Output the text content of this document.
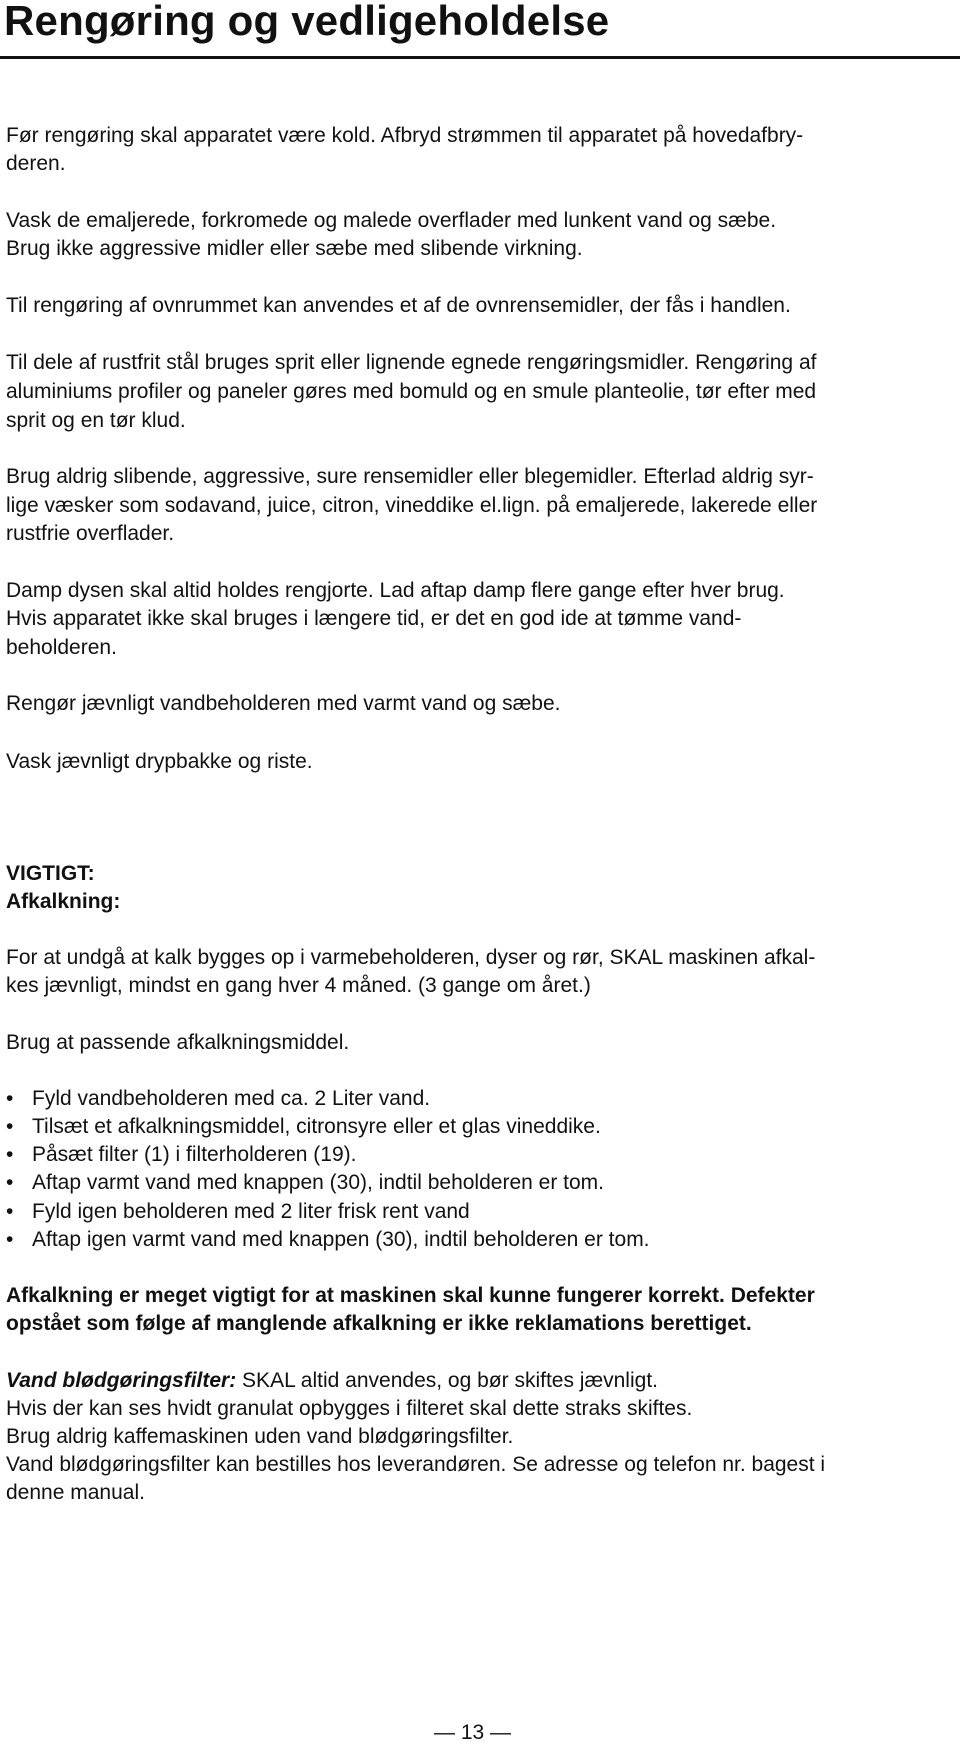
Rengøring og vedligeholdelse
Før rengøring skal apparatet være kold. Afbryd strømmen til apparatet på hovedafbry-
deren.
Vask de emaljerede, forkromede og malede overflader med lunkent vand og sæbe.
Brug ikke aggressive midler eller sæbe med slibende virkning.
Til rengøring af ovnrummet kan anvendes et af de ovnrensemidler, der fås i handlen.
Til dele af rustfrit stål bruges sprit eller lignende egnede rengøringsmidler. Rengøring af
aluminiums profiler og paneler gøres med bomuld og en smule planteolie, tør efter med
sprit og en tør klud.
Brug aldrig slibende, aggressive, sure rensemidler eller blegemidler. Efterlad aldrig syr-
lige væsker som sodavand, juice, citron, vineddike el.lign. på emaljerede, lakerede eller
rustfrie overflader.
Damp dysen skal altid holdes rengjorte. Lad aftap damp flere gange efter hver brug.
Hvis apparatet ikke skal bruges i længere tid, er det en god ide at tømme vand-
beholderen.
Rengør jævnligt vandbeholderen med varmt vand og sæbe.
Vask jævnligt drypbakke og riste.
VIGTIGT:
Afkalkning:
For at undgå at kalk bygges op i varmebeholderen, dyser og rør, SKAL maskinen afkal-
kes jævnligt, mindst en gang hver 4 måned. (3 gange om året.)
Brug at passende afkalkningsmiddel.
• Fyld vandbeholderen med ca. 2 Liter vand.
• Tilsæt et afkalkningsmiddel, citronsyre eller et glas vineddike.
• Påsæt filter (1) i filterholderen (19).
• Aftap varmt vand med knappen (30), indtil beholderen er tom.
• Fyld igen beholderen med 2 liter frisk rent vand
• Aftap igen varmt vand med knappen (30), indtil beholderen er tom.
Afkalkning er meget vigtigt for at maskinen skal kunne fungerer korrekt. Defekter
opstået som følge af manglende afkalkning er ikke reklamations berettiget.
Vand blødgøringsfilter: SKAL altid anvendes, og bør skiftes jævnligt.
Hvis der kan ses hvidt granulat opbygges i filteret skal dette straks skiftes.
Brug aldrig kaffemaskinen uden vand blødgøringsfilter.
Vand blødgøringsfilter kan bestilles hos leverandøren. Se adresse og telefon nr. bagest i
denne manual.
— 13 —
